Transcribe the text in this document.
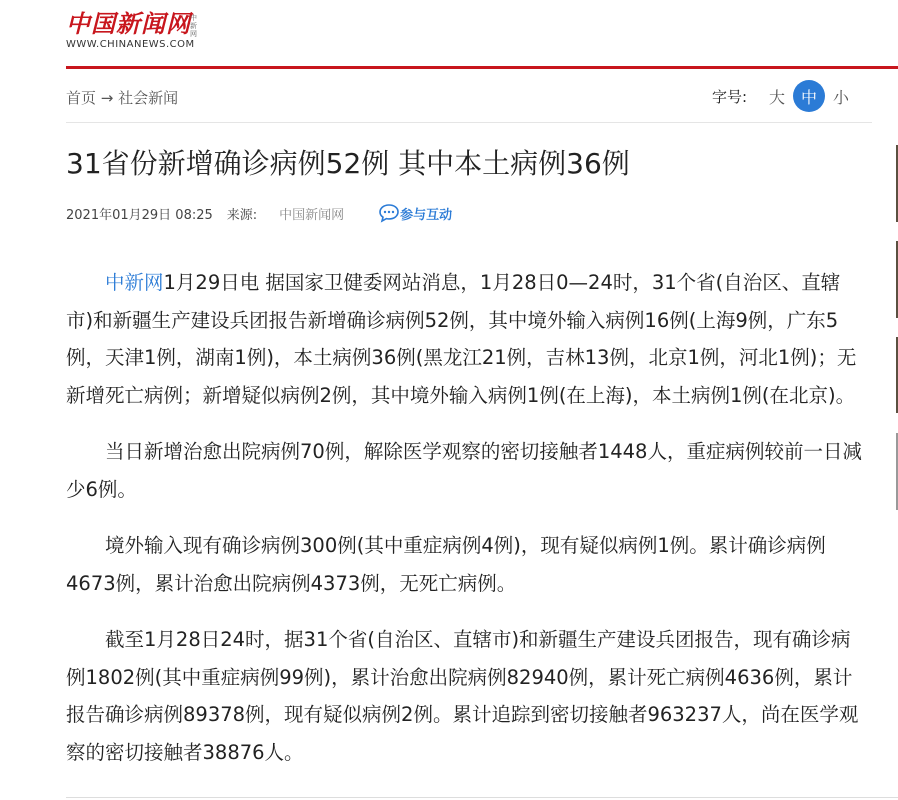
中国新闻网 中新网
WWW.CHINANEWS.COM
首页 → 社会新闻	字号:	大 中 小
31省份新增确诊病例52例 其中本土病例36例
2021年01月29日 08:25 来源: 中国新闻网	参与互动

中新网1月29日电 据国家卫健委网站消息，1月28日0—24时，31个省(自治区、直辖市)和新疆生产建设兵团报告新增确诊病例52例，其中境外输入病例16例(上海9例，广东5例，天津1例，湖南1例)，本土病例36例(黑龙江21例，吉林13例，北京1例，河北1例)；无新增死亡病例；新增疑似病例2例，其中境外输入病例1例(在上海)，本土病例1例(在北京)。

当日新增治愈出院病例70例，解除医学观察的密切接触者1448人，重症病例较前一日减少6例。

境外输入现有确诊病例300例(其中重症病例4例)，现有疑似病例1例。累计确诊病例4673例，累计治愈出院病例4373例，无死亡病例。

截至1月28日24时，据31个省(自治区、直辖市)和新疆生产建设兵团报告，现有确诊病例1802例(其中重症病例99例)，累计治愈出院病例82940例，累计死亡病例4636例，累计报告确诊病例89378例，现有疑似病例2例。累计追踪到密切接触者963237人，尚在医学观察的密切接触者38876人。
